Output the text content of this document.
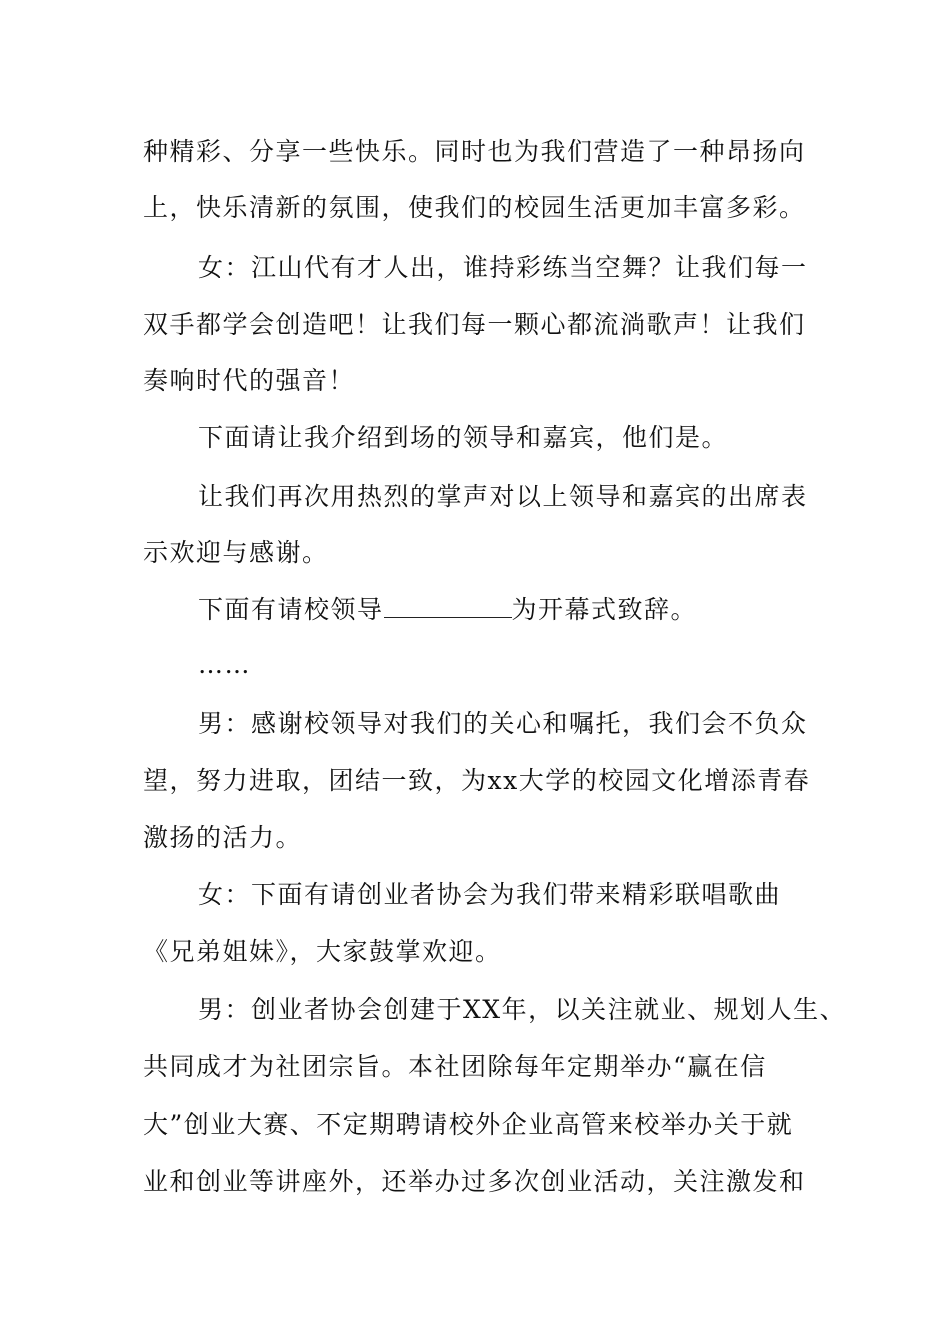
种精彩、分享一些快乐。同时也为我们营造了一种昂扬向
上，快乐清新的氛围，使我们的校园生活更加丰富多彩。
女：江山代有才人出，谁持彩练当空舞？让我们每一
双手都学会创造吧！让我们每一颗心都流淌歌声！让我们
奏响时代的强音！
下面请让我介绍到场的领导和嘉宾，他们是。
让我们再次用热烈的掌声对以上领导和嘉宾的出席表
示欢迎与感谢。
下面有请校领导	为开幕式致辞。
……
男：感谢校领导对我们的关心和嘱托，我们会不负众
望，努力进取，团结一致，为xx大学的校园文化增添青春
激扬的活力。
女：下面有请创业者协会为我们带来精彩联唱歌曲
《兄弟姐妹》，大家鼓掌欢迎。
男：创业者协会创建于XX年，以关注就业、规划人生、
共同成才为社团宗旨。本社团除每年定期举办“赢在信
大”创业大赛、不定期聘请校外企业高管来校举办关于就
业和创业等讲座外，还举办过多次创业活动，关注激发和
